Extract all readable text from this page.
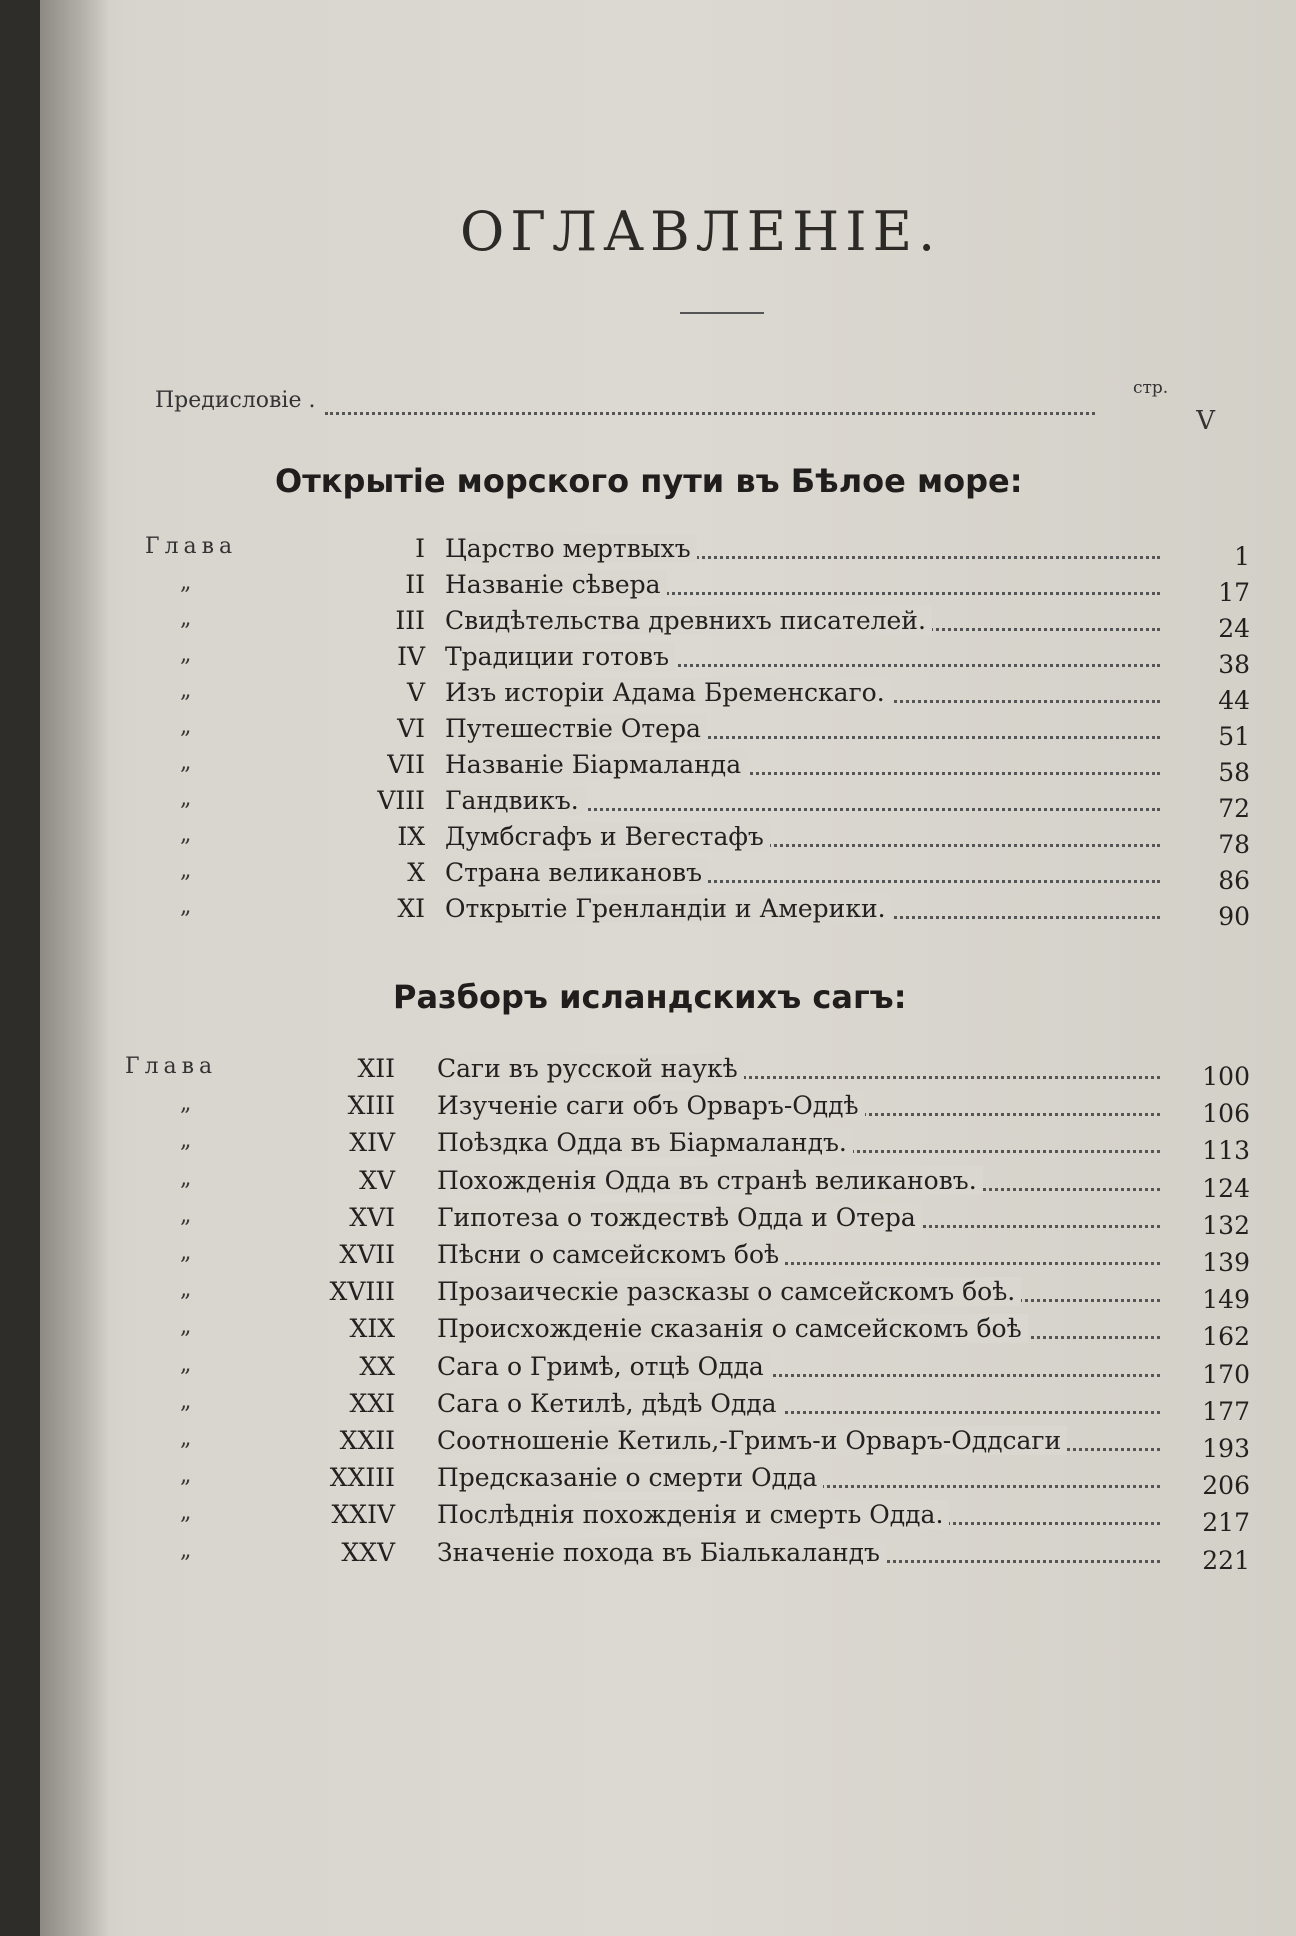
ОГЛАВЛЕНIЕ.
стр.
Предисловіе .
V
Открытіе морского пути въ Бѣлое море:
Глава	I Царство мертвыхъ	1
„	II Названіе сѣвера	17
„	III Свидѣтельства древнихъ писателей.	24
„	IV Традиции готовъ	38
„	V Изъ истоpіи Адама Бременскаго.	44
„	VI Путешествіе Отера	51
„	VII Названіе Біармаланда	58
„	VIII Гандвикъ.	72
„	IX Думбсгафъ и Вегестафъ	78
„	X Страна великановъ	86
„	XI Открытіе Гренландіи и Америки.	90
Разборъ исландскихъ сагъ:
Глава	XII Саги въ русской наукѣ	100
„	XIII Изученіе саги объ Орваръ-Оддѣ	106
„	XIV Поѣздка Одда въ Біармаландъ.	113
„	XV Похожденія Одда въ странѣ великановъ.	124
„	XVI Гипотеза о тождествѣ Одда и Отера	132
„	XVII Пѣсни о самсейскомъ боѣ	139
„	XVIII Прозаическіе разсказы о самсейскомъ боѣ.	149
„	XIX Происхожденіе сказанія о самсейскомъ боѣ	162
„	XX Сага о Гримѣ, отцѣ Одда	170
„	XXI Сага о Кетилѣ, дѣдѣ Одда	177
„	XXII Соотношеніе Кетиль,-Гримъ-и Орваръ-Оддсаги	193
„	XXIII Предсказаніе о смерти Одда	206
„	XXIV Послѣднія похожденія и смерть Одда.	217
„	XXV Значеніе похода въ Біалькаландъ	221
